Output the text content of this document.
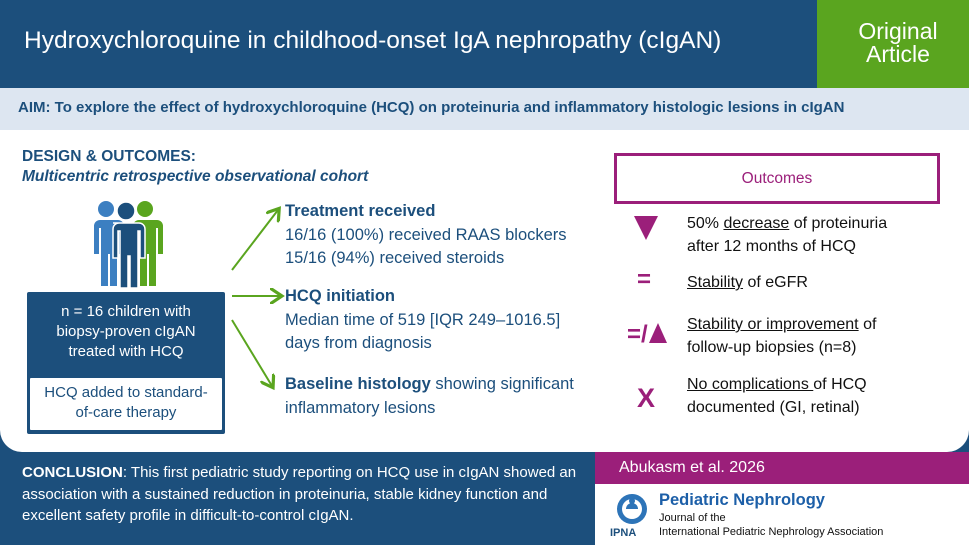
Hydroxychloroquine in childhood-onset IgA nephropathy (cIgAN)	Original
Article
AIM: To explore the effect of hydroxychloroquine (HCQ) on proteinuria and inflammatory histologic lesions in cIgAN
DESIGN & OUTCOMES:
Multicentric retrospective observational cohort
n = 16 children with
biopsy-proven cIgAN
treated with HCQ
HCQ added to standard-
of-care therapy
Treatment received
16/16 (100%) received RAAS blockers
15/16 (94%) received steroids
HCQ initiation
Median time of 519 [IQR 249–1016.5]
days from diagnosis
Baseline histology showing significant
inflammatory lesions
Outcomes
=
=/
X
50% decrease of proteinuria
after 12 months of HCQ
Stability of eGFR
Stability or improvement of
follow-up biopsies (n=8)
No complications of HCQ
documented (GI, retinal)
CONCLUSION: This first pediatric study reporting on HCQ use in cIgAN showed an association with a sustained reduction in proteinuria, stable kidney function and excellent safety profile in difficult-to-control cIgAN.
Abukasm et al. 2026
IPNA
Pediatric Nephrology
Journal of the
International Pediatric Nephrology Association
